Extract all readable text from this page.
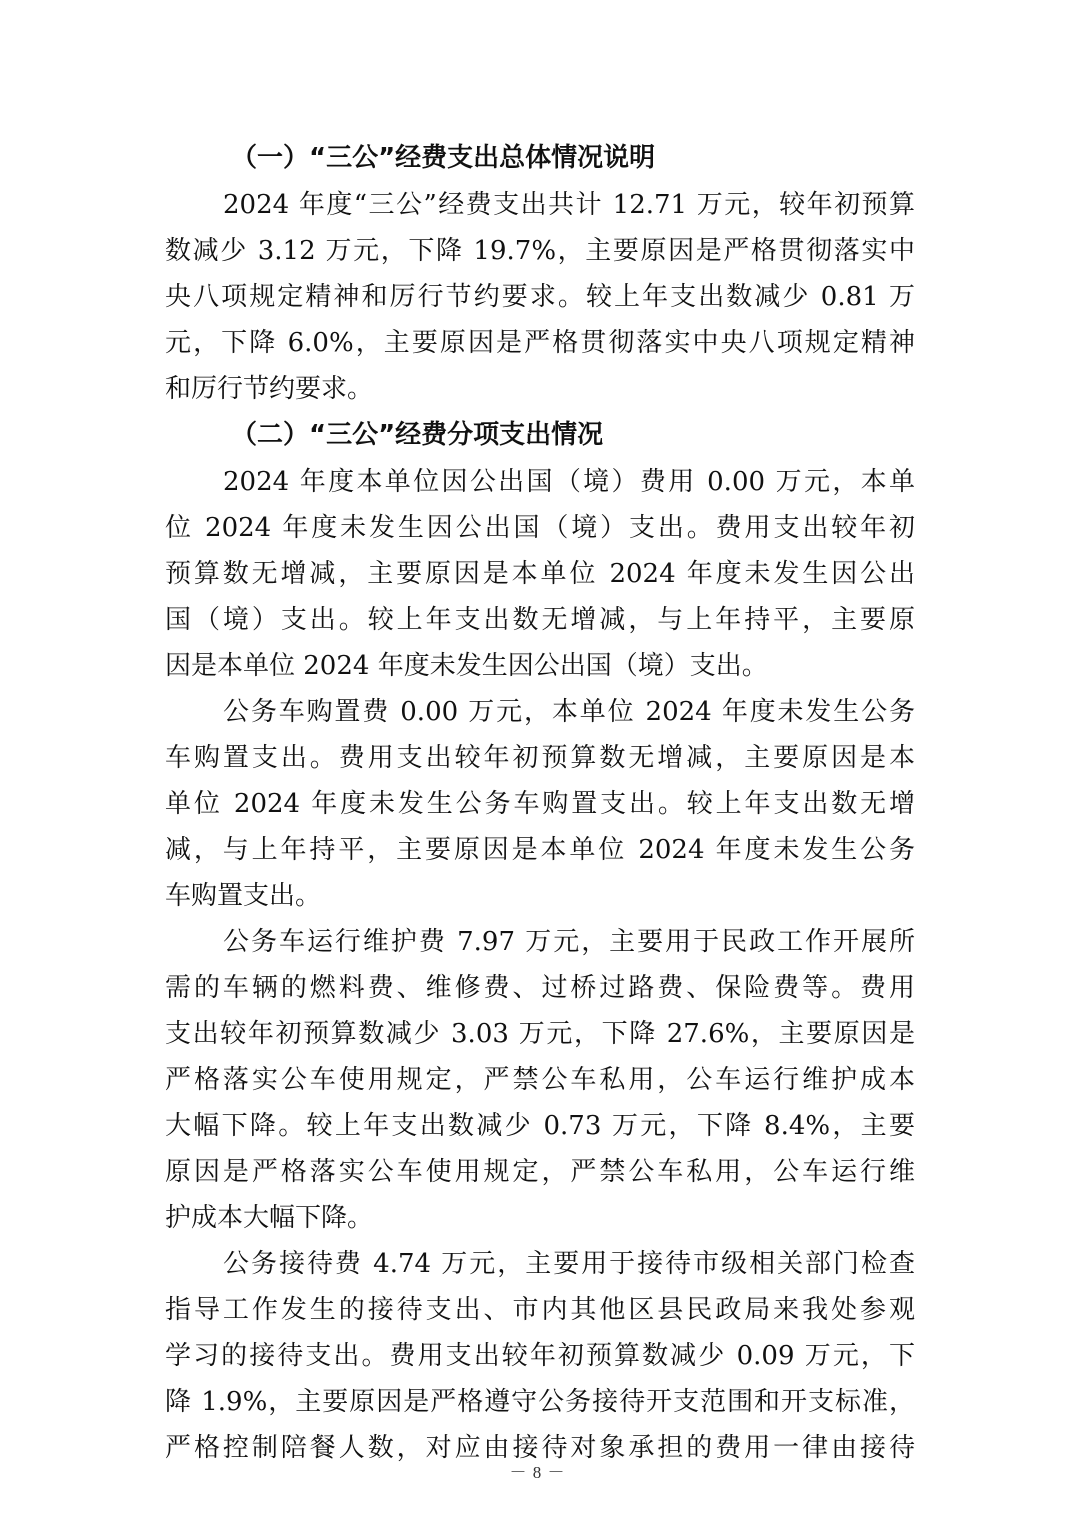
（一）“三公”经费支出总体情况说明
2024 年度“三公”经费支出共计 12.71 万元，较年初预算
数减少 3.12 万元，下降 19.7%，主要原因是严格贯彻落实中
央八项规定精神和厉行节约要求。较上年支出数减少 0.81 万
元，下降 6.0%，主要原因是严格贯彻落实中央八项规定精神
和厉行节约要求。
（二）“三公”经费分项支出情况
2024 年度本单位因公出国（境）费用 0.00 万元，本单
位 2024 年度未发生因公出国（境）支出。费用支出较年初
预算数无增减，主要原因是本单位 2024 年度未发生因公出
国（境）支出。较上年支出数无增减，与上年持平，主要原
因是本单位 2024 年度未发生因公出国（境）支出。
公务车购置费 0.00 万元，本单位 2024 年度未发生公务
车购置支出。费用支出较年初预算数无增减，主要原因是本
单位 2024 年度未发生公务车购置支出。较上年支出数无增
减，与上年持平，主要原因是本单位 2024 年度未发生公务
车购置支出。
公务车运行维护费 7.97 万元，主要用于民政工作开展所
需的车辆的燃料费、维修费、过桥过路费、保险费等。费用
支出较年初预算数减少 3.03 万元，下降 27.6%，主要原因是
严格落实公车使用规定，严禁公车私用，公车运行维护成本
大幅下降。较上年支出数减少 0.73 万元，下降 8.4%，主要
原因是严格落实公车使用规定，严禁公车私用，公车运行维
护成本大幅下降。
公务接待费 4.74 万元，主要用于接待市级相关部门检查
指导工作发生的接待支出、市内其他区县民政局来我处参观
学习的接待支出。费用支出较年初预算数减少 0.09 万元，下
降 1.9%，主要原因是严格遵守公务接待开支范围和开支标准，
严格控制陪餐人数，对应由接待对象承担的费用一律由接待
－ 8 －
